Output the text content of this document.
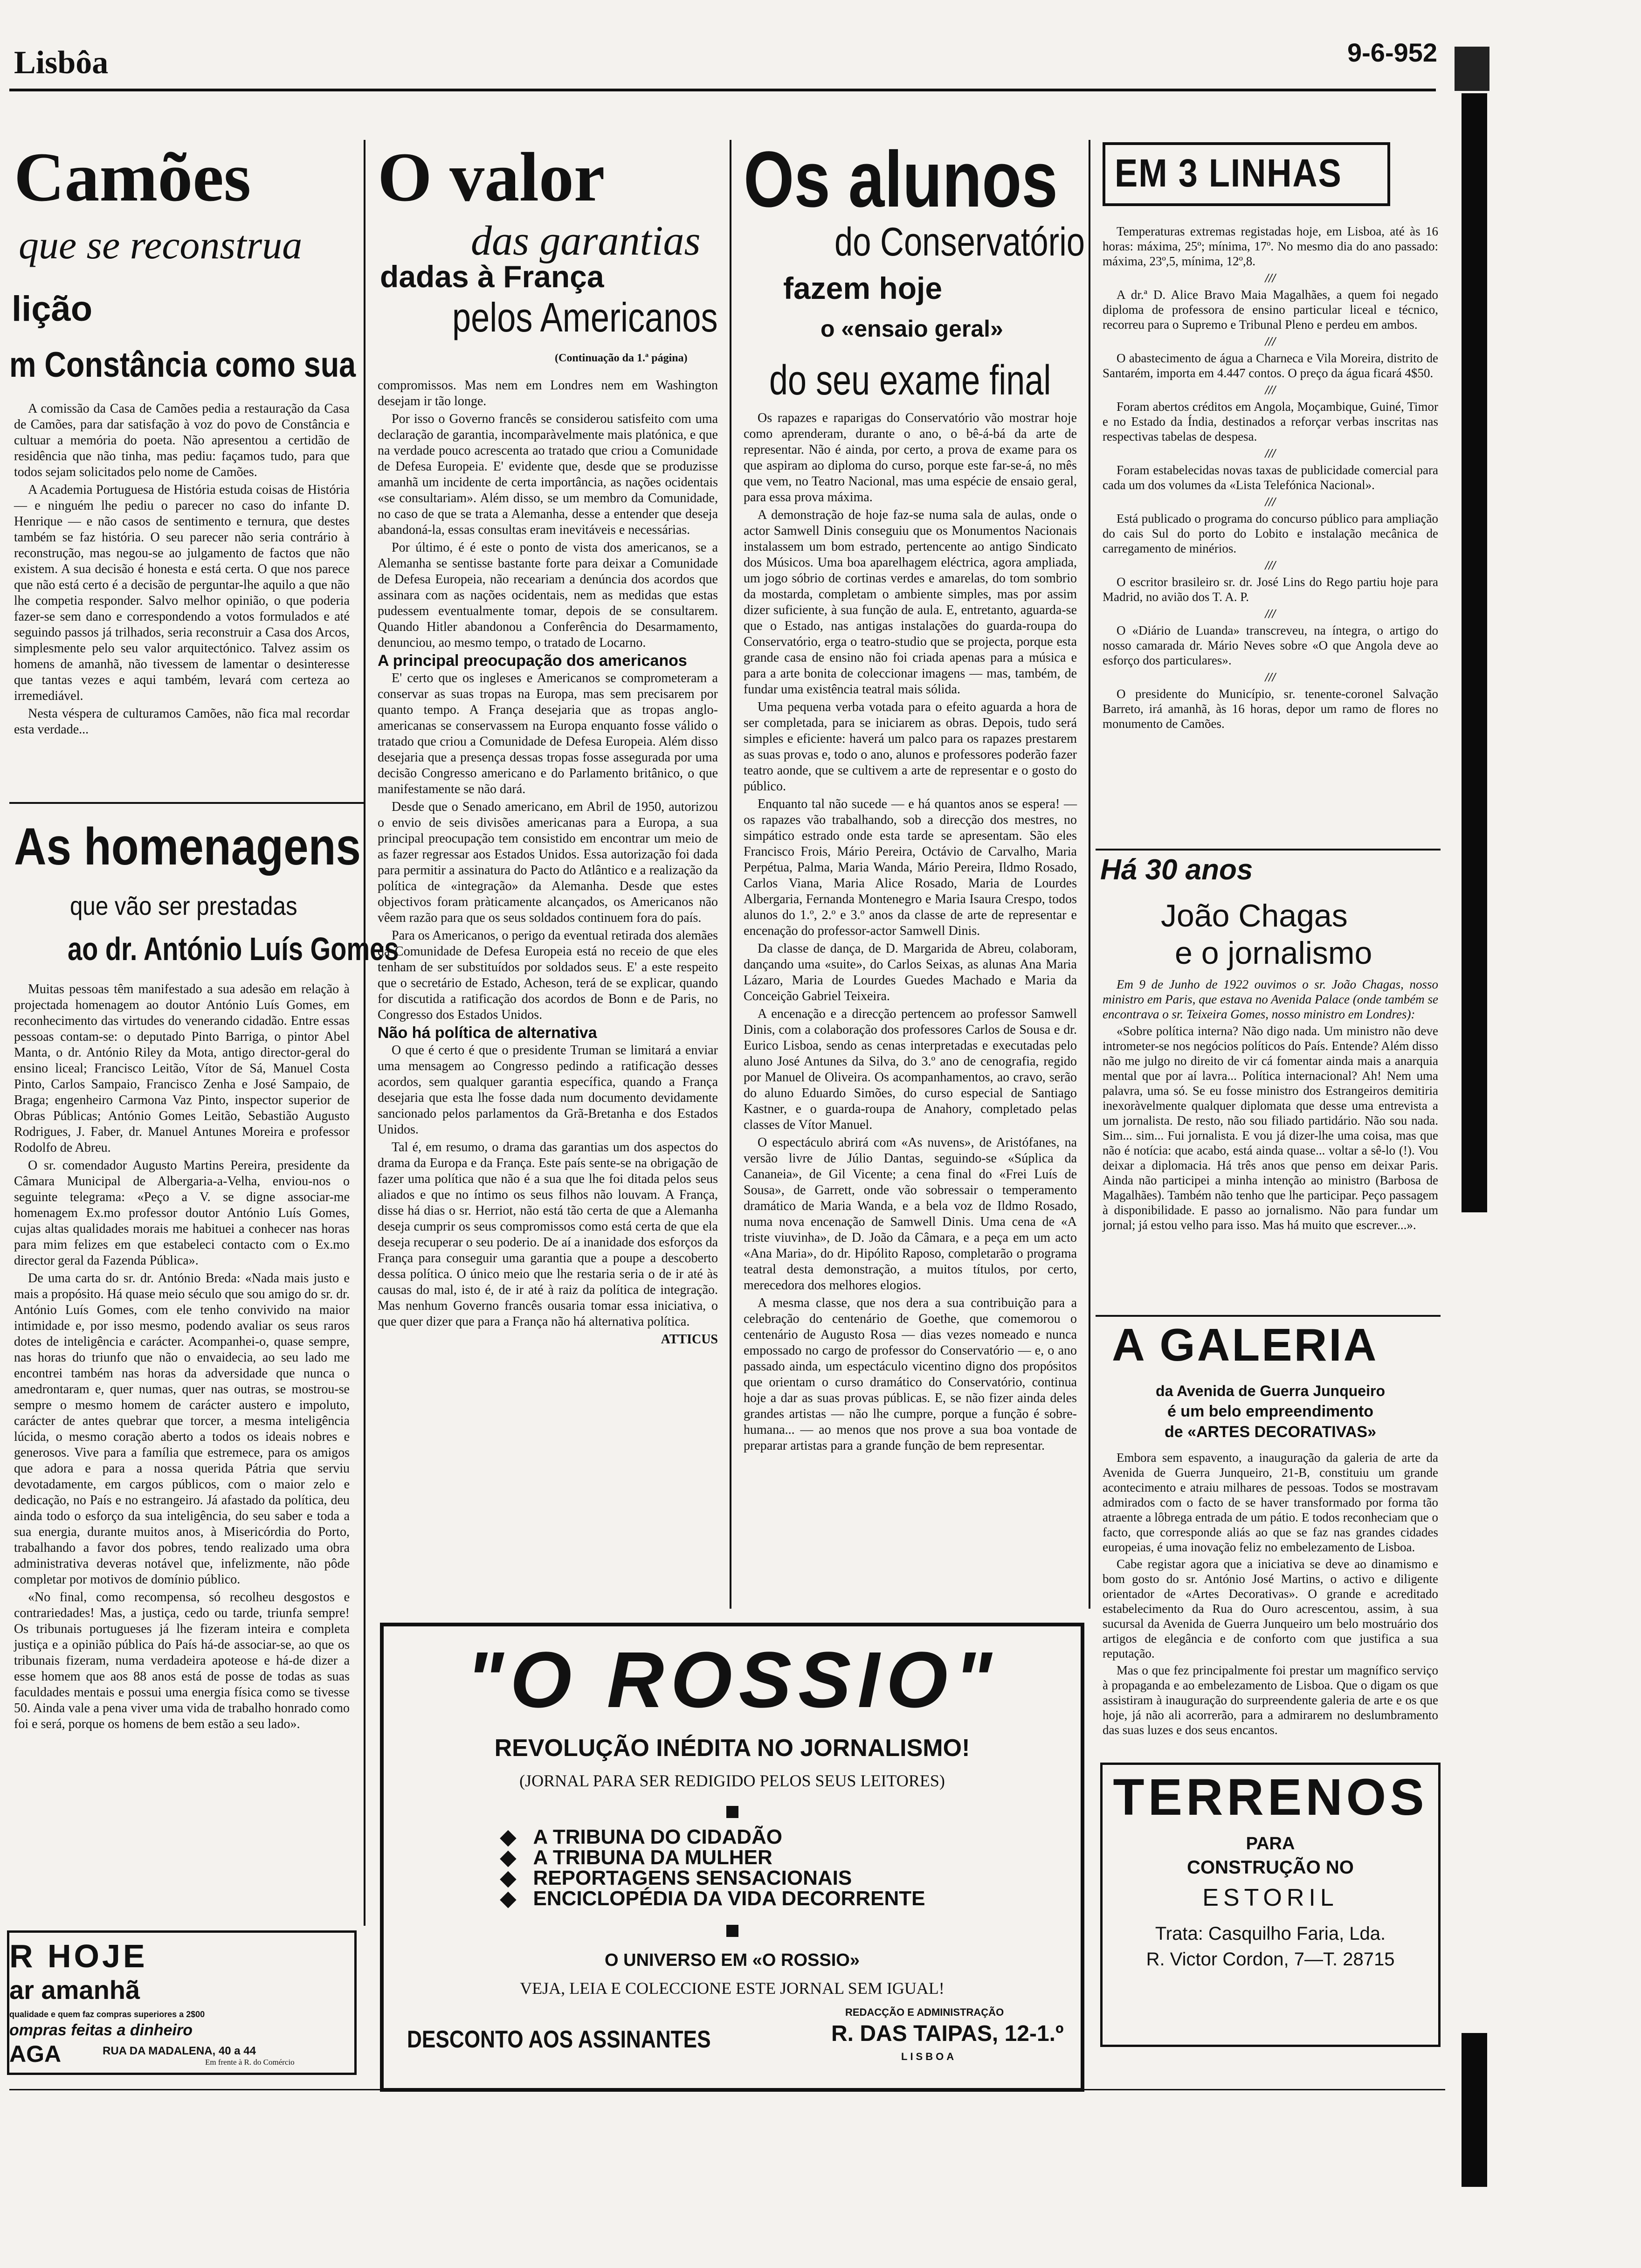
Lisbôa	9-6-952
Camões
que se reconstrua
lição
m Constância como sua

A comissão da Casa de Camões pedia a restauração da Casa de Camões, para dar satisfação à voz do povo de Constância e cultuar a memória do poeta. Não apresentou a certidão de residência que não tinha, mas pediu: façamos tudo, para que todos sejam solicitados pelo nome de Camões.

A Academia Portuguesa de História estuda coisas de História — e ninguém lhe pediu o parecer no caso do infante D. Henrique — e não casos de sentimento e ternura, que destes também se faz história. O seu parecer não seria contrário à reconstrução, mas negou-se ao julgamento de factos que não existem. A sua decisão é honesta e está certa. O que nos parece que não está certo é a decisão de perguntar-lhe aquilo a que não lhe competia responder. Salvo melhor opinião, o que poderia fazer-se sem dano e correspondendo a votos formulados e até seguindo passos já trilhados, seria reconstruir a Casa dos Arcos, simplesmente pelo seu valor arquitectónico. Talvez assim os homens de amanhã, não tivessem de lamentar o desinteresse que tantas vezes e aqui também, levará com certeza ao irremediável.

Nesta véspera de culturamos Camões, não fica mal recordar esta verdade...

As homenagens
que vão ser prestadas
ao dr. António Luís Gomes

Muitas pessoas têm manifestado a sua adesão em relação à projectada homenagem ao doutor António Luís Gomes, em reconhecimento das virtudes do venerando cidadão. Entre essas pessoas contam-se: o deputado Pinto Barriga, o pintor Abel Manta, o dr. António Riley da Mota, antigo director-geral do ensino liceal; Francisco Leitão, Vítor de Sá, Manuel Costa Pinto, Carlos Sampaio, Francisco Zenha e José Sampaio, de Braga; engenheiro Carmona Vaz Pinto, inspector superior de Obras Públicas; António Gomes Leitão, Sebastião Augusto Rodrigues, J. Faber, dr. Manuel Antunes Moreira e professor Rodolfo de Abreu.

O sr. comendador Augusto Martins Pereira, presidente da Câmara Municipal de Albergaria-a-Velha, enviou-nos o seguinte telegrama: «Peço a V. se digne associar-me homenagem Ex.mo professor doutor António Luís Gomes, cujas altas qualidades morais me habituei a conhecer nas horas para mim felizes em que estabeleci contacto com o Ex.mo director geral da Fazenda Pública».

De uma carta do sr. dr. António Breda: «Nada mais justo e mais a propósito. Há quase meio século que sou amigo do sr. dr. António Luís Gomes, com ele tenho convivido na maior intimidade e, por isso mesmo, podendo avaliar os seus raros dotes de inteligência e carácter. Acompanhei-o, quase sempre, nas horas do triunfo que não o envaidecia, ao seu lado me encontrei também nas horas da adversidade que nunca o amedrontaram e, quer numas, quer nas outras, se mostrou-se sempre o mesmo homem de carácter austero e impoluto, carácter de antes quebrar que torcer, a mesma inteligência lúcida, o mesmo coração aberto a todos os ideais nobres e generosos. Vive para a família que estremece, para os amigos que adora e para a nossa querida Pátria que serviu devotadamente, em cargos públicos, com o maior zelo e dedicação, no País e no estrangeiro. Já afastado da política, deu ainda todo o esforço da sua inteligência, do seu saber e toda a sua energia, durante muitos anos, à Misericórdia do Porto, trabalhando a favor dos pobres, tendo realizado uma obra administrativa deveras notável que, infelizmente, não pôde completar por motivos de domínio público.

«No final, como recompensa, só recolheu desgostos e contrariedades! Mas, a justiça, cedo ou tarde, triunfa sempre! Os tribunais portugueses já lhe fizeram inteira e completa justiça e a opinião pública do País há-de associar-se, ao que os tribunais fizeram, numa verdadeira apoteose e há-de dizer a esse homem que aos 88 anos está de posse de todas as suas faculdades mentais e possui uma energia física como se tivesse 50. Ainda vale a pena viver uma vida de trabalho honrado como foi e será, porque os homens de bem estão a seu lado».

R HOJE
ar amanhã
qualidade e quem faz compras superiores a 2$00
ompras feitas a dinheiro
AGA	RUA DA MADALENA, 40 a 44
Em frente à R. do Comércio
O valor
das garantias
dadas à França
pelos Americanos
(Continuação da 1.ª página)

compromissos. Mas nem em Londres nem em Washington desejam ir tão longe.

Por isso o Governo francês se considerou satisfeito com uma declaração de garantia, incomparàvelmente mais platónica, e que na verdade pouco acrescenta ao tratado que criou a Comunidade de Defesa Europeia. E' evidente que, desde que se produzisse amanhã um incidente de certa importância, as nações ocidentais «se consultariam». Além disso, se um membro da Comunidade, no caso de que se trata a Alemanha, desse a entender que deseja abandoná-la, essas consultas eram inevitáveis e necessárias.

Por último, é é este o ponto de vista dos americanos, se a Alemanha se sentisse bastante forte para deixar a Comunidade de Defesa Europeia, não receariam a denúncia dos acordos que assinara com as nações ocidentais, nem as medidas que estas pudessem eventualmente tomar, depois de se consultarem. Quando Hitler abandonou a Conferência do Desarmamento, denunciou, ao mesmo tempo, o tratado de Locarno.

A principal preocupação dos americanos

E' certo que os ingleses e Americanos se comprometeram a conservar as suas tropas na Europa, mas sem precisarem por quanto tempo. A França desejaria que as tropas anglo-americanas se conservassem na Europa enquanto fosse válido o tratado que criou a Comunidade de Defesa Europeia. Além disso desejaria que a presença dessas tropas fosse assegurada por uma decisão Congresso americano e do Parlamento britânico, o que manifestamente se não dará.

Desde que o Senado americano, em Abril de 1950, autorizou o envio de seis divisões americanas para a Europa, a sua principal preocupação tem consistido em encontrar um meio de as fazer regressar aos Estados Unidos. Essa autorização foi dada para permitir a assinatura do Pacto do Atlântico e a realização da política de «integração» da Alemanha. Desde que estes objectivos foram pràticamente alcançados, os Americanos não vêem razão para que os seus soldados continuem fora do país.

Para os Americanos, o perigo da eventual retirada dos alemães da Comunidade de Defesa Europeia está no receio de que eles tenham de ser substituídos por soldados seus. E' a este respeito que o secretário de Estado, Acheson, terá de se explicar, quando for discutida a ratificação dos acordos de Bonn e de Paris, no Congresso dos Estados Unidos.

Não há política de alternativa

O que é certo é que o presidente Truman se limitará a enviar uma mensagem ao Congresso pedindo a ratificação desses acordos, sem qualquer garantia específica, quando a França desejaria que esta lhe fosse dada num documento devidamente sancionado pelos parlamentos da Grã-Bretanha e dos Estados Unidos.

Tal é, em resumo, o drama das garantias um dos aspectos do drama da Europa e da França. Este país sente-se na obrigação de fazer uma política que não é a sua que lhe foi ditada pelos seus aliados e que no íntimo os seus filhos não louvam. A França, disse há dias o sr. Herriot, não está tão certa de que a Alemanha deseja cumprir os seus compromissos como está certa de que ela deseja recuperar o seu poderio. De aí a inanidade dos esforços da França para conseguir uma garantia que a poupe a descoberto dessa política. O único meio que lhe restaria seria o de ir até às causas do mal, isto é, de ir até à raiz da política de integração. Mas nenhum Governo francês ousaria tomar essa iniciativa, o que quer dizer que para a França não há alternativa política.

ATTICUS

Os alunos
do Conservatório
fazem hoje
o «ensaio geral»
do seu exame final

Os rapazes e raparigas do Conservatório vão mostrar hoje como aprenderam, durante o ano, o bê-á-bá da arte de representar. Não é ainda, por certo, a prova de exame para os que aspiram ao diploma do curso, porque este far-se-á, no mês que vem, no Teatro Nacional, mas uma espécie de ensaio geral, para essa prova máxima.

A demonstração de hoje faz-se numa sala de aulas, onde o actor Samwell Dinis conseguiu que os Monumentos Nacionais instalassem um bom estrado, pertencente ao antigo Sindicato dos Músicos. Uma boa aparelhagem eléctrica, agora ampliada, um jogo sóbrio de cortinas verdes e amarelas, do tom sombrio da mostarda, completam o ambiente simples, mas por assim dizer suficiente, à sua função de aula. E, entretanto, aguarda-se que o Estado, nas antigas instalações do guarda-roupa do Conservatório, erga o teatro-studio que se projecta, porque esta grande casa de ensino não foi criada apenas para a música e para a arte bonita de coleccionar imagens — mas, também, de fundar uma existência teatral mais sólida.

Uma pequena verba votada para o efeito aguarda a hora de ser completada, para se iniciarem as obras. Depois, tudo será simples e eficiente: haverá um palco para os rapazes prestarem as suas provas e, todo o ano, alunos e professores poderão fazer teatro aonde, que se cultivem a arte de representar e o gosto do público.

Enquanto tal não sucede — e há quantos anos se espera! — os rapazes vão trabalhando, sob a direcção dos mestres, no simpático estrado onde esta tarde se apresentam. São eles Francisco Frois, Mário Pereira, Octávio de Carvalho, Maria Perpétua, Palma, Maria Wanda, Mário Pereira, Ildmo Rosado, Carlos Viana, Maria Alice Rosado, Maria de Lourdes Albergaria, Fernanda Montenegro e Maria Isaura Crespo, todos alunos do 1.º, 2.º e 3.º anos da classe de arte de representar e encenação do professor-actor Samwell Dinis.

Da classe de dança, de D. Margarida de Abreu, colaboram, dançando uma «suite», do Carlos Seixas, as alunas Ana Maria Lázaro, Maria de Lourdes Guedes Machado e Maria da Conceição Gabriel Teixeira.

A encenação e a direcção pertencem ao professor Samwell Dinis, com a colaboração dos professores Carlos de Sousa e dr. Eurico Lisboa, sendo as cenas interpretadas e executadas pelo aluno José Antunes da Silva, do 3.º ano de cenografia, regido por Manuel de Oliveira. Os acompanhamentos, ao cravo, serão do aluno Eduardo Simões, do curso especial de Santiago Kastner, e o guarda-roupa de Anahory, completado pelas classes de Vítor Manuel.

O espectáculo abrirá com «As nuvens», de Aristófanes, na versão livre de Júlio Dantas, seguindo-se «Súplica da Cananeia», de Gil Vicente; a cena final do «Frei Luís de Sousa», de Garrett, onde vão sobressair o temperamento dramático de Maria Wanda, e a bela voz de Ildmo Rosado, numa nova encenação de Samwell Dinis. Uma cena de «A triste viuvinha», de D. João da Câmara, e a peça em um acto «Ana Maria», do dr. Hipólito Raposo, completarão o programa teatral desta demonstração, a muitos títulos, por certo, merecedora dos melhores elogios.

A mesma classe, que nos dera a sua contribuição para a celebração do centenário de Goethe, que comemorou o centenário de Augusto Rosa — dias vezes nomeado e nunca empossado no cargo de professor do Conservatório — e, o ano passado ainda, um espectáculo vicentino digno dos propósitos que orientam o curso dramático do Conservatório, continua hoje a dar as suas provas públicas. E, se não fizer ainda deles grandes artistas — não lhe cumpre, porque a função é sobre-humana... — ao menos que nos prove a sua boa vontade de preparar artistas para a grande função de bem representar.

EM 3 LINHAS

Temperaturas extremas registadas hoje, em Lisboa, até às 16 horas: máxima, 25º; mínima, 17º. No mesmo dia do ano passado: máxima, 23º,5, mínima, 12º,8.

///

A dr.ª D. Alice Bravo Maia Magalhães, a quem foi negado diploma de professora de ensino particular liceal e técnico, recorreu para o Supremo e Tribunal Pleno e perdeu em ambos.

///

O abastecimento de água a Charneca e Vila Moreira, distrito de Santarém, importa em 4.447 contos. O preço da água ficará 4$50.

///

Foram abertos créditos em Angola, Moçambique, Guiné, Timor e no Estado da Índia, destinados a reforçar verbas inscritas nas respectivas tabelas de despesa.

///

Foram estabelecidas novas taxas de publicidade comercial para cada um dos volumes da «Lista Telefónica Nacional».

///

Está publicado o programa do concurso público para ampliação do cais Sul do porto do Lobito e instalação mecânica de carregamento de minérios.

///

O escritor brasileiro sr. dr. José Lins do Rego partiu hoje para Madrid, no avião dos T. A. P.

///

O «Diário de Luanda» transcreveu, na íntegra, o artigo do nosso camarada dr. Mário Neves sobre «O que Angola deve ao esforço dos particulares».

///

O presidente do Município, sr. tenente-coronel Salvação Barreto, irá amanhã, às 16 horas, depor um ramo de flores no monumento de Camões.

Há 30 anos
João Chagas
e o jornalismo

Em 9 de Junho de 1922 ouvimos o sr. João Chagas, nosso ministro em Paris, que estava no Avenida Palace (onde também se encontrava o sr. Teixeira Gomes, nosso ministro em Londres):

«Sobre política interna? Não digo nada. Um ministro não deve intrometer-se nos negócios políticos do País. Entende? Além disso não me julgo no direito de vir cá fomentar ainda mais a anarquia mental que por aí lavra... Política internacional? Ah! Nem uma palavra, uma só. Se eu fosse ministro dos Estrangeiros demitiria inexoràvelmente qualquer diplomata que desse uma entrevista a um jornalista. De resto, não sou filiado partidário. Não sou nada. Sim... sim... Fui jornalista. E vou já dizer-lhe uma coisa, mas que não é notícia: que acabo, está ainda quase... voltar a sê-lo (!). Vou deixar a diplomacia. Há três anos que penso em deixar Paris. Ainda não participei a minha intenção ao ministro (Barbosa de Magalhães). Também não tenho que lhe participar. Peço passagem à disponibilidade. E passo ao jornalismo. Não para fundar um jornal; já estou velho para isso. Mas há muito que escrever...».

A GALERIA
da Avenida de Guerra Junqueiro
é um belo empreendimento
de «ARTES DECORATIVAS»

Embora sem espavento, a inauguração da galeria de arte da Avenida de Guerra Junqueiro, 21-B, constituiu um grande acontecimento e atraiu milhares de pessoas. Todos se mostravam admirados com o facto de se haver transformado por forma tão atraente a lôbrega entrada de um pátio. E todos reconheciam que o facto, que corresponde aliás ao que se faz nas grandes cidades europeias, é uma inovação feliz no embelezamento de Lisboa.

Cabe registar agora que a iniciativa se deve ao dinamismo e bom gosto do sr. António José Martins, o activo e diligente orientador de «Artes Decorativas». O grande e acreditado estabelecimento da Rua do Ouro acrescentou, assim, à sua sucursal da Avenida de Guerra Junqueiro um belo mostruário dos artigos de elegância e de conforto com que justifica a sua reputação.

Mas o que fez principalmente foi prestar um magnífico serviço à propaganda e ao embelezamento de Lisboa. Que o digam os que assistiram à inauguração do surpreendente galeria de arte e os que hoje, já não ali acorrerão, para a admirarem no deslumbramento das suas luzes e dos seus encantos.

TERRENOS
PARA
CONSTRUÇÃO NO
ESTORIL
Trata: Casquilho Faria, Lda.
R. Victor Cordon, 7—T. 28715
"O ROSSIO"
REVOLUÇÃO INÉDITA NO JORNALISMO!
(JORNAL PARA SER REDIGIDO PELOS SEUS LEITORES)
◆   A TRIBUNA DO CIDADÃO
◆   A TRIBUNA DA MULHER
◆   REPORTAGENS SENSACIONAIS
◆   ENCICLOPÉDIA DA VIDA DECORRENTE
O UNIVERSO EM «O ROSSIO»
VEJA, LEIA E COLECCIONE ESTE JORNAL SEM IGUAL!
DESCONTO AOS ASSINANTES
REDACÇÃO E ADMINISTRAÇÃO
R. DAS TAIPAS, 12-1.º
LISBOA
